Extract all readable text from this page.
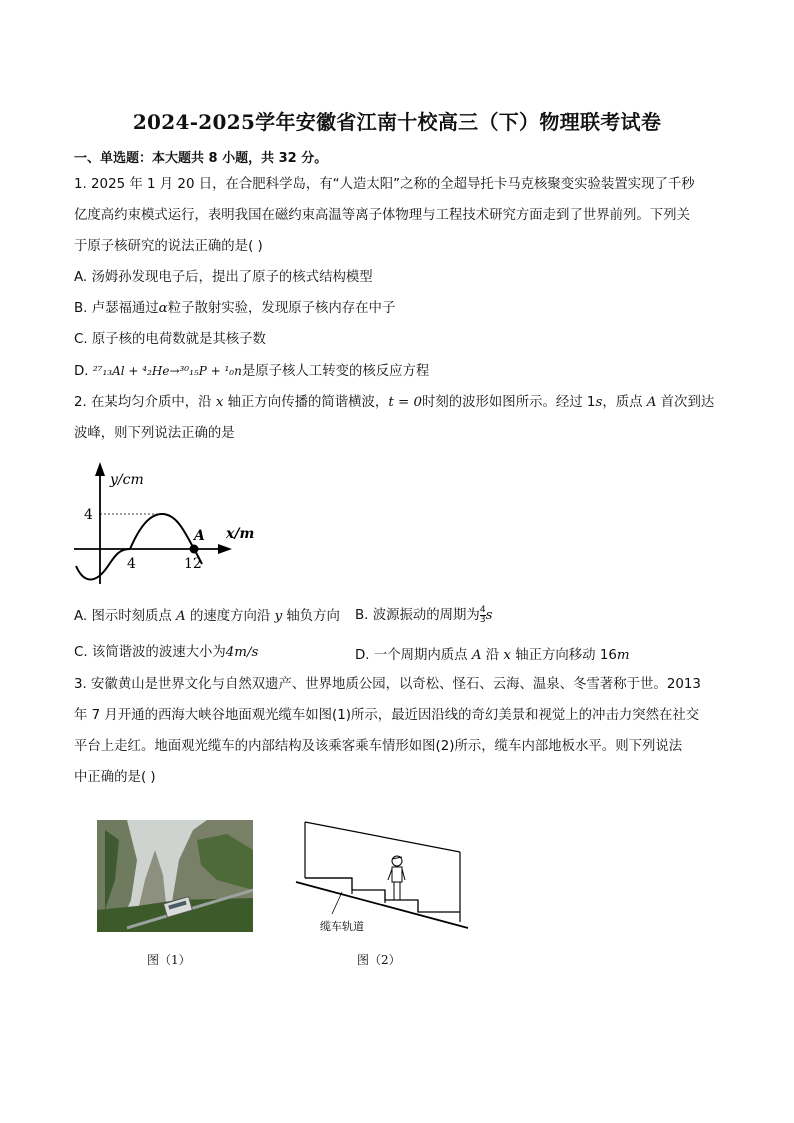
2024-2025学年安徽省江南十校高三（下）物理联考试卷
一、单选题：本大题共 8 小题，共 32 分。
1. 2025 年 1 月 20 日，在合肥科学岛，有“人造太阳”之称的全超导托卡马克核聚变实验装置实现了千秒
亿度高约束模式运行，表明我国在磁约束高温等离子体物理与工程技术研究方面走到了世界前列。下列关
于原子核研究的说法正确的是( )
A. 汤姆孙发现电子后，提出了原子的核式结构模型
B. 卢瑟福通过α粒子散射实验，发现原子核内存在中子
C. 原子核的电荷数就是其核子数
D. ²⁷₁₃Al + ⁴₂He→³⁰₁₅P + ¹₀n是原子核人工转变的核反应方程
2. 在某均匀介质中，沿 x 轴正方向传播的简谐横波，t = 0时刻的波形如图所示。经过 1s，质点 A 首次到达
波峰，则下列说法正确的是
y/cm
x/m
4
4	12
A
A. 图示时刻质点 A 的速度方向沿 y 轴负方向 B. 波源振动的周期为 $\frac{4}{3}$ s
C. 该简谐波的波速大小为4m/s	D. 一个周期内质点 A 沿 x 轴正方向移动 16m
3. 安徽黄山是世界文化与自然双遗产、世界地质公园，以奇松、怪石、云海、温泉、冬雪著称于世。2013
年 7 月开通的西海大峡谷地面观光缆车如图(1)所示，最近因沿线的奇幻美景和视觉上的冲击力突然在社交
平台上走红。地面观光缆车的内部结构及该乘客乘车情形如图(2)所示，缆车内部地板水平。则下列说法
中正确的是( )
图（1）
缆车轨道
图（2）
